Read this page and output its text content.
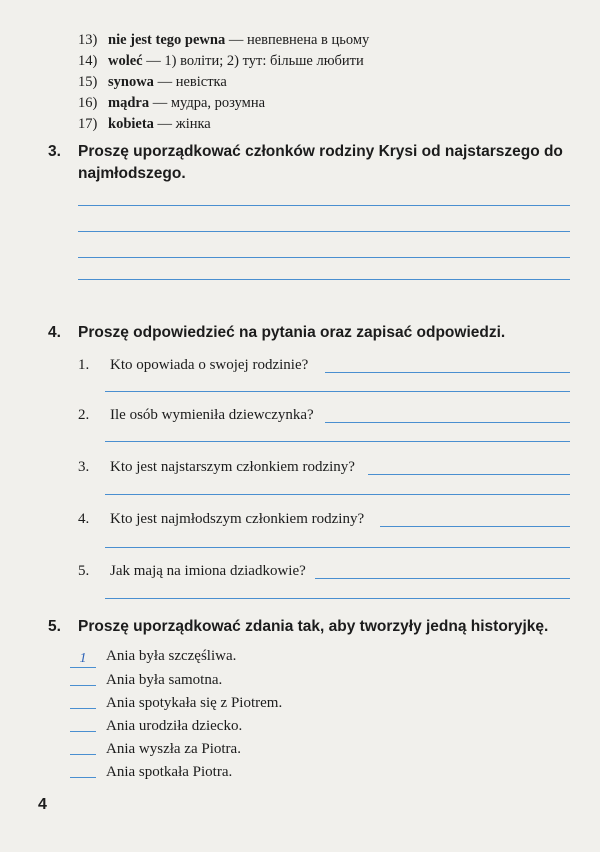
13) nie jest tego pewna — невпевнена в цьому
14) woleć — 1) воліти; 2) тут: більше любити
15) synowa — невістка
16) mądra — мудра, розумна
17) kobieta — жінка
3. Proszę uporządkować członków rodziny Krysi od najstarszego do najmłodszego.
4. Proszę odpowiedzieć na pytania oraz zapisać odpowiedzi.
1. Kto opowiada o swojej rodzinie?
2. Ile osób wymieniła dziewczynka?
3. Kto jest najstarszym członkiem rodziny?
4. Kto jest najmłodszym członkiem rodziny?
5. Jak mają na imiona dziadkowie?
5. Proszę uporządkować zdania tak, aby tworzyły jedną historyjkę.
1 Ania była szczęśliwa.
Ania była samotna.
Ania spotykała się z Piotrem.
Ania urodziła dziecko.
Ania wyszła za Piotra.
Ania spotkała Piotra.
4
